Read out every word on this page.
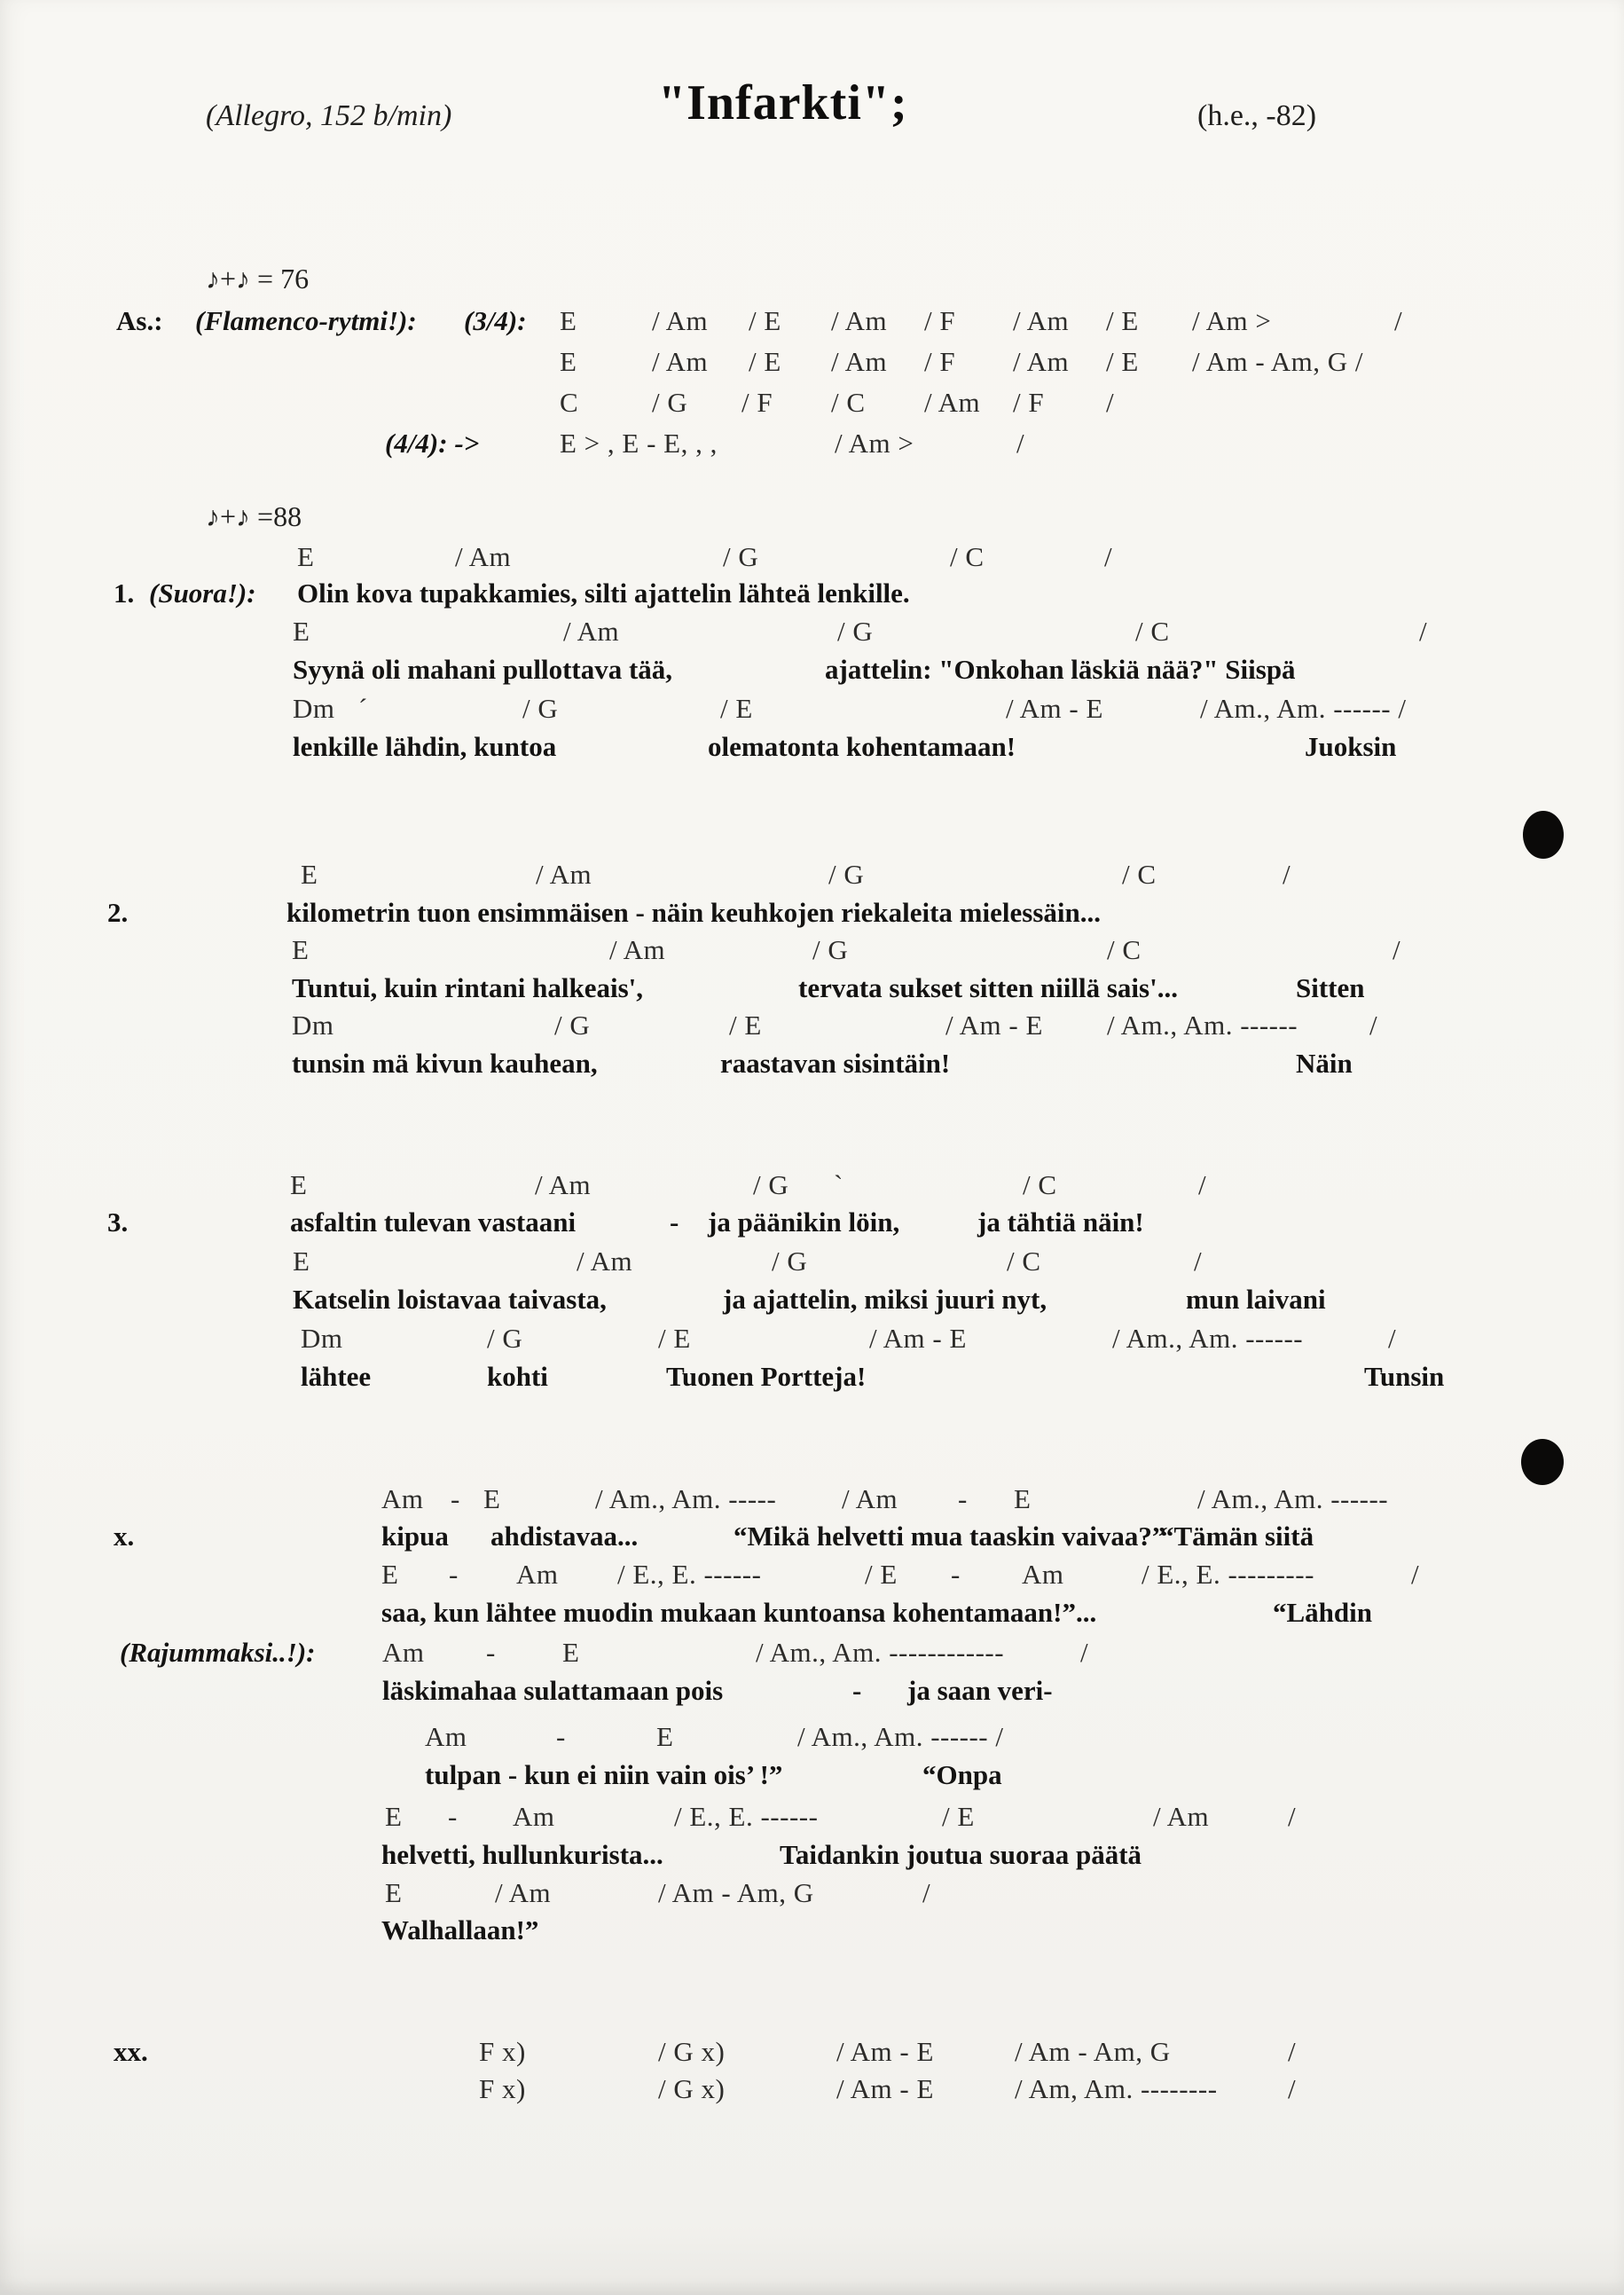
(Allegro, 152 b/min)	"Infarkti";	(h.e., -82)
♪+♪ = 76
As.: (Flamenco-rytmi!): (3/4): E	/ Am / E / Am / F / Am / E / Am >	/
E	/ Am / E / Am / F / Am / E / Am - Am, G /
C	/ G / F / C / Am / F /
(4/4): ->	E > , E - E, , ,	/ Am >	/
♪+♪ =88
E	/ Am	/ G	/ C	/
1. (Suora!): Olin kova tupakkamies, silti ajattelin lähteä lenkille.
E	/ Am	/ G	/ C	/
Syynä oli mahani pullottava tää,	ajattelin: "Onkohan läskiä nää?" Siispä
Dm ´	/ G	/ E	/ Am - E	/ Am., Am. ------ /
lenkille lähdin, kuntoa	olematonta kohentamaan!	Juoksin
E	/ Am	/ G	/ C	/
2.	kilometrin tuon ensimmäisen - näin keuhkojen riekaleita mielessäin...
E	/ Am	/ G	/ C	/
Tuntui, kuin rintani halkeais',	tervata sukset sitten niillä sais'...	Sitten
Dm	/ G	/ E	/ Am - E / Am., Am. ------	/
tunsin mä kivun kauhean,	raastavan sisintäin!	Näin
E	/ Am	/ G `	/ C	/
3.	asfaltin tulevan vastaani	- ja päänikin löin,	ja tähtiä näin!
E	/ Am	/ G	/ C	/
Katselin loistavaa taivasta,	ja ajattelin, miksi juuri nyt,	mun laivani
Dm	/ G	/ E	/ Am - E	/ Am., Am. ------	/
lähtee	kohti	Tuonen Portteja!	Tunsin
Am - E	/ Am., Am. ----- / Am - E	/ Am., Am. ------
x.	kipua ahdistavaa...	“Mikä helvetti mua taaskin vaivaa?”
“Tämän siitä
E - Am / E., E. ------	/ E - Am	/ E., E. ---------	/
saa, kun lähtee muodin mukaan kuntoansa kohentamaan!”...	“Lähdin
(Rajummaksi..!): Am - E	/ Am., Am. ------------	/
läskimahaa sulattamaan pois	- ja saan veri-
Am	-	E	/ Am., Am. ------ /
tulpan - kun ei niin vain ois’ !”	“Onpa
E - Am	/ E., E. ------	/ E	/ Am	/
helvetti, hullunkurista...	Taidankin joutua suoraa päätä
E	/ Am	/ Am - Am, G	/
Walhallaan!”
xx.	F x)	/ G x)	/ Am - E	/ Am - Am, G	/
F x)	/ G x)	/ Am - E	/ Am, Am. --------	/
